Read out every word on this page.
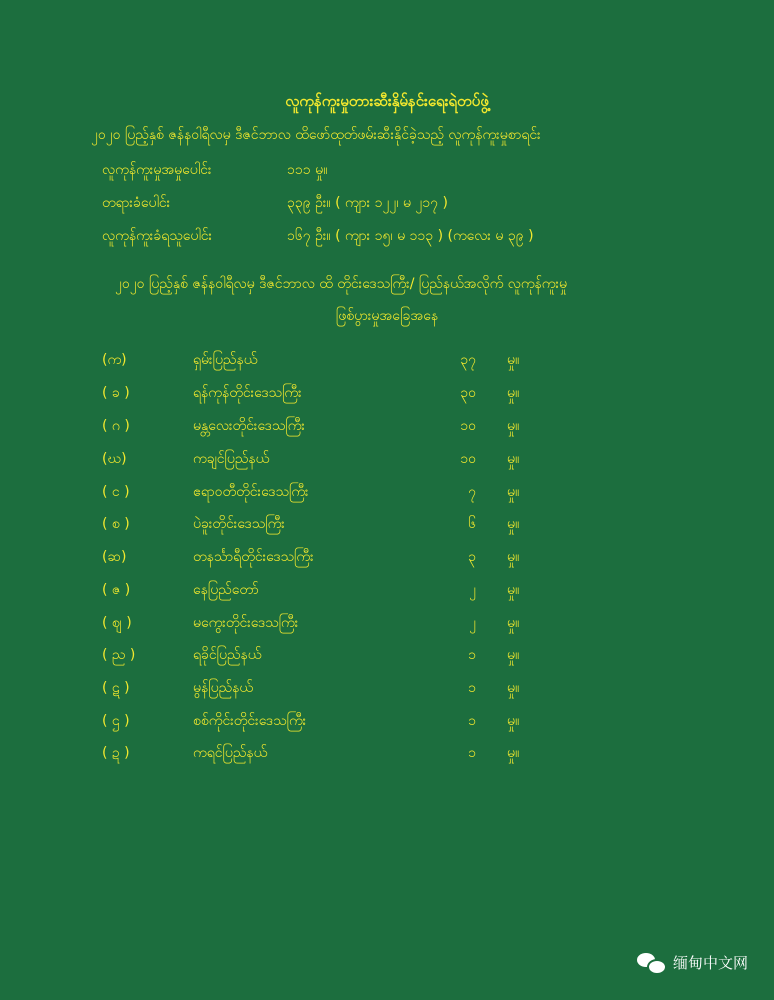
လူကုန်ကူးမှုတားဆီးနှိမ်နင်းရေးရဲတပ်ဖွဲ့
၂၀၂၀ ပြည့်နှစ် ဇန်နဝါရီလမှ ဒီဇင်ဘာလ ထိဖော်ထုတ်ဖမ်းဆီးနိုင်ခဲ့သည့် လူကုန်ကူးမှုစာရင်း
လူကုန်ကူးမှုအမှုပေါင်း	၁၁၁ မှု။
တရားခံပေါင်း	၃၃၉ ဦး။ ( ကျား ၁၂၂၊ မ ၂၁၇ )
လူကုန်ကူးခံရသူပေါင်း	၁၆၇ ဦး။ ( ကျား ၁၅၊ မ ၁၁၃ ) (ကလေး မ ၃၉ )
၂၀၂၀ ပြည့်နှစ် ဇန်နဝါရီလမှ ဒီဇင်ဘာလ ထိ တိုင်းဒေသကြီး/ ပြည်နယ်အလိုက် လူကုန်ကူးမှု
ဖြစ်ပွားမှုအခြေအနေ
(က)	ရှမ်းပြည်နယ်	၃၇ မှု။
( ခ )	ရန်ကုန်တိုင်းဒေသကြီး	၃၀ မှု။
( ဂ )	မန္တလေးတိုင်းဒေသကြီး	၁၀ မှု။
(ဃ)	ကချင်ပြည်နယ်	၁၀ မှု။
( င )	ဧရာဝတီတိုင်းဒေသကြီး	၇ မှု။
( စ )	ပဲခူးတိုင်းဒေသကြီး	၆ မှု။
(ဆ)	တနင်္သာရီတိုင်းဒေသကြီး	၃ မှု။
( ဇ )	နေပြည်တော်	၂ မှု။
( ဈ )	မကွေးတိုင်းဒေသကြီး	၂ မှု။
( ည )	ရခိုင်ပြည်နယ်	၁ မှု။
( ဋ )	မွန်ပြည်နယ်	၁ မှု။
( ဌ )	စစ်ကိုင်းတိုင်းဒေသကြီး	၁ မှု။
( ဍ )	ကရင်ပြည်နယ်	၁ မှု။
缅甸中文网
